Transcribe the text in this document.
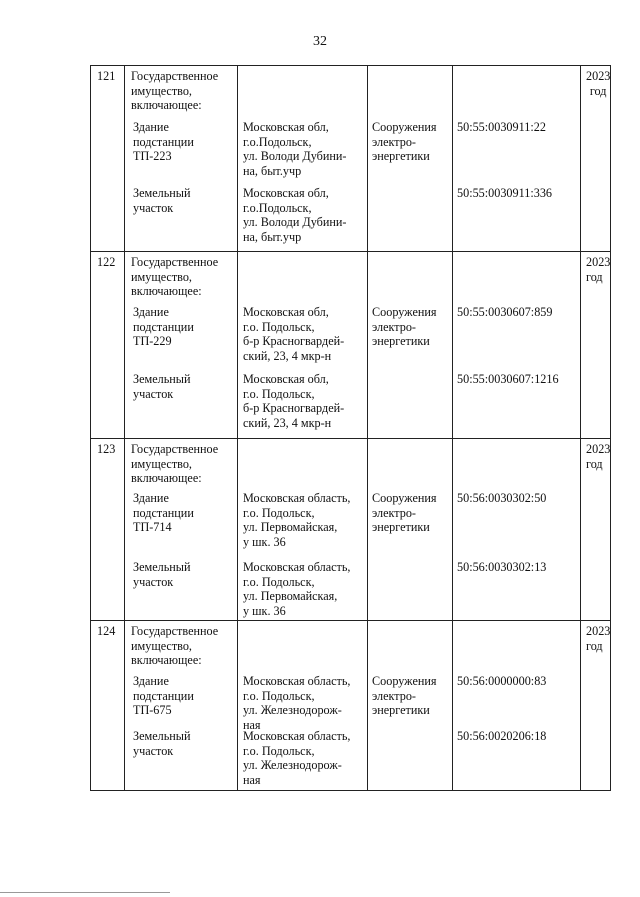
32
121 Государственное
имущество,
включающее:
2023
год
Здание
подстанции
ТП-223
Московская обл,
г.о.Подольск,
ул. Володи Дубини-
на, быт.учр
Сооружения
электро-
энергетики
50:55:0030911:22
Земельный
участок
Московская обл,
г.о.Подольск,
ул. Володи Дубини-
на, быт.учр
50:55:0030911:336
122 Государственное
имущество,
включающее:
2023
год
Здание
подстанции
ТП-229
Московская обл,
г.о. Подольск,
б-р Красногвардей-
ский, 23, 4 мкр-н
Сооружения
электро-
энергетики
50:55:0030607:859
Земельный
участок
Московская обл,
г.о. Подольск,
б-р Красногвардей-
ский, 23, 4 мкр-н
50:55:0030607:1216
123 Государственное
имущество,
включающее:
2023
год
Здание
подстанции
ТП-714
Московская область,
г.о. Подольск,
ул. Первомайская,
у шк. 36
Сооружения
электро-
энергетики
50:56:0030302:50
Земельный
участок
Московская область,
г.о. Подольск,
ул. Первомайская,
у шк. 36
50:56:0030302:13
124 Государственное
имущество,
включающее:
2023
год
Здание
подстанции
ТП-675
Московская область,
г.о. Подольск,
ул. Железнодорож-
ная
Сооружения
электро-
энергетики
50:56:0000000:83
Земельный
участок
Московская область,
г.о. Подольск,
ул. Железнодорож-
ная
50:56:0020206:18
